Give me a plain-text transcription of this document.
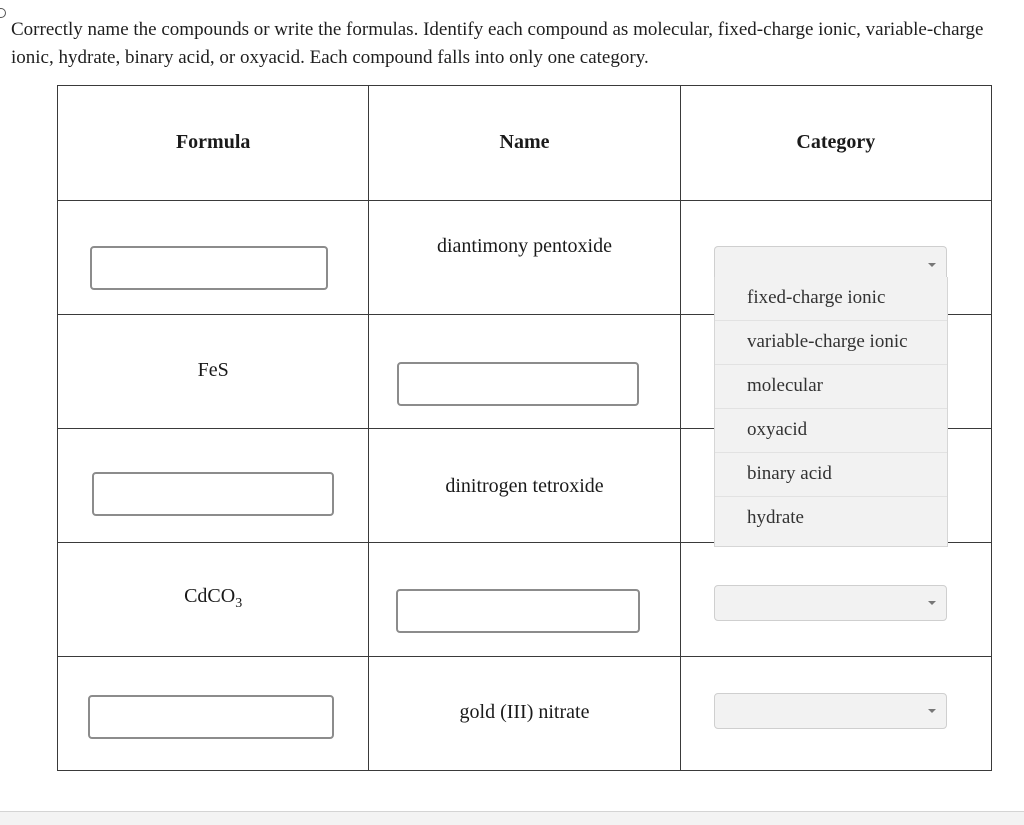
Correctly name the compounds or write the formulas. Identify each compound as molecular, fixed-charge ionic, variable-charge ionic, hydrate, binary acid, or oxyacid. Each compound falls into only one category.
Formula	Name	Category

	diantimony pentoxide	

FeS	

	dinitrogen tetroxide	

CdCO$_3$	

	gold (III) nitrate	
fixed-charge ionic
variable-charge ionic
molecular
oxyacid
binary acid
hydrate
